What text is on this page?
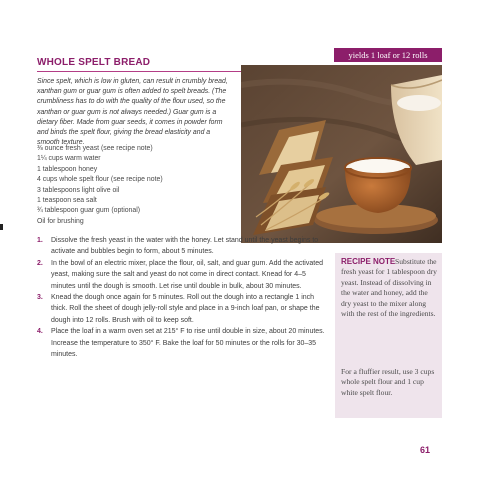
WHOLE SPELT BREAD
yields 1 loaf or 12 rolls
Since spelt, which is low in gluten, can result in crumbly bread, xanthan gum or guar gum is often added to spelt breads. (The crumbliness has to do with the quality of the flour used, so the xanthan or guar gum is not always needed.) Guar gum is a dietary fiber. Made from guar seeds, it comes in powder form and binds the spelt flour, giving the bread elasticity and a smooth texture.
⅜ ounce fresh yeast (see recipe note)
1¼ cups warm water
1 tablespoon honey
4 cups whole spelt flour (see recipe note)
3 tablespoons light olive oil
1 teaspoon sea salt
¾ tablespoon guar gum (optional)
Oil for brushing
1. Dissolve the fresh yeast in the water with the honey. Let stand until the yeast begins to activate and bubbles begin to form, about 5 minutes.
2. In the bowl of an electric mixer, place the flour, oil, salt, and guar gum. Add the activated yeast, making sure the salt and yeast do not come in direct contact. Knead for 4–5 minutes until the dough is smooth. Let rise until double in bulk, about 30 minutes.
3. Knead the dough once again for 5 minutes. Roll out the dough into a rectangle 1 inch thick. Roll the sheet of dough jelly-roll style and place in a 9-inch loaf pan, or shape the dough into 12 rolls. Brush with oil to keep soft.
4. Place the loaf in a warm oven set at 215° F to rise until double in size, about 20 minutes. Increase the temperature to 350° F. Bake the loaf for 50 minutes or the rolls for 30–35 minutes.
RECIPE NOTE Substitute the fresh yeast for 1 tablespoon dry yeast. Instead of dissolving in the water and honey, add the dry yeast to the mixer along with the rest of the ingredients.

For a fluffier result, use 3 cups whole spelt flour and 1 cup white spelt flour.

61
